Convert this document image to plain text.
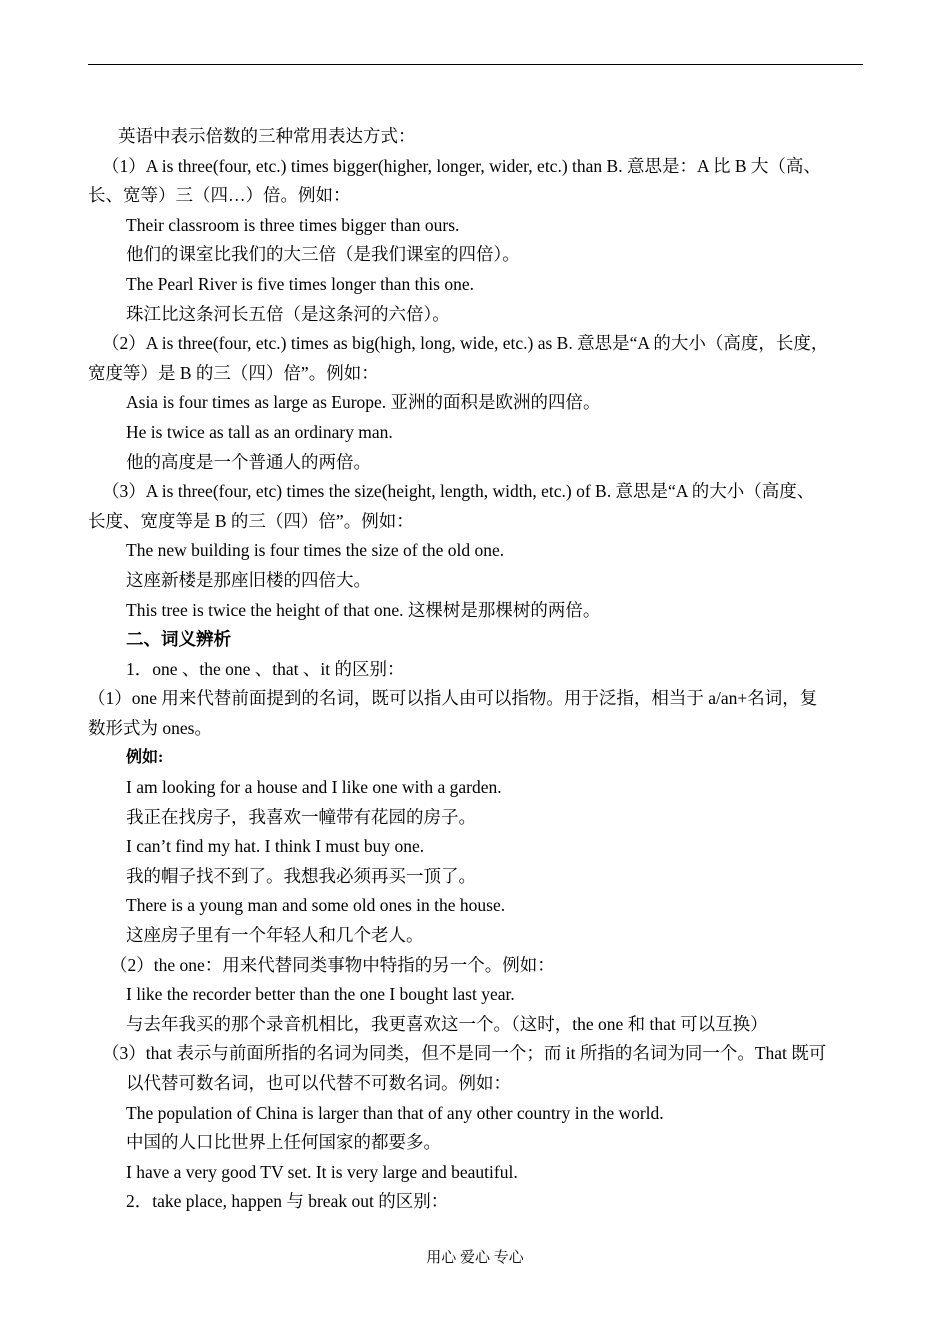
英语中表示倍数的三种常用表达方式：
（1）A is three(four, etc.) times bigger(higher, longer, wider, etc.) than B. 意思是：A 比 B 大（高、
长、宽等）三（四…）倍。例如：
Their classroom is three times bigger than ours.
他们的课室比我们的大三倍（是我们课室的四倍）。
The Pearl River is five times longer than this one.
珠江比这条河长五倍（是这条河的六倍）。
（2）A is three(four, etc.) times as big(high, long, wide, etc.) as B. 意思是“A 的大小（高度，长度，
宽度等）是 B 的三（四）倍”。例如：
Asia is four times as large as Europe. 亚洲的面积是欧洲的四倍。
He is twice as tall as an ordinary man.
他的高度是一个普通人的两倍。
（3）A is three(four, etc) times the size(height, length, width, etc.) of B. 意思是“A 的大小（高度、
长度、宽度等是 B 的三（四）倍”。例如：
The new building is four times the size of the old one.
这座新楼是那座旧楼的四倍大。
This tree is twice the height of that one. 这棵树是那棵树的两倍。
二、词义辨析
1．one 、the one 、that 、it 的区别：
（1）one 用来代替前面提到的名词，既可以指人由可以指物。用于泛指，相当于 a/an+名词，复
数形式为 ones。
例如:
I am looking for a house and I like one with a garden.
我正在找房子，我喜欢一幢带有花园的房子。
I can’t find my hat. I think I must buy one.
我的帽子找不到了。我想我必须再买一顶了。
There is a young man and some old ones in the house.
这座房子里有一个年轻人和几个老人。
（2）the one：用来代替同类事物中特指的另一个。例如：
I like the recorder better than the one I bought last year.
与去年我买的那个录音机相比，我更喜欢这一个。（这时，the one 和 that 可以互换）
（3）that 表示与前面所指的名词为同类，但不是同一个；而 it 所指的名词为同一个。That 既可
以代替可数名词，也可以代替不可数名词。例如：
The population of China is larger than that of any other country in the world.
中国的人口比世界上任何国家的都要多。
I have a very good TV set. It is very large and beautiful.
2．take place, happen 与 break out 的区别：
用心 爱心 专心
